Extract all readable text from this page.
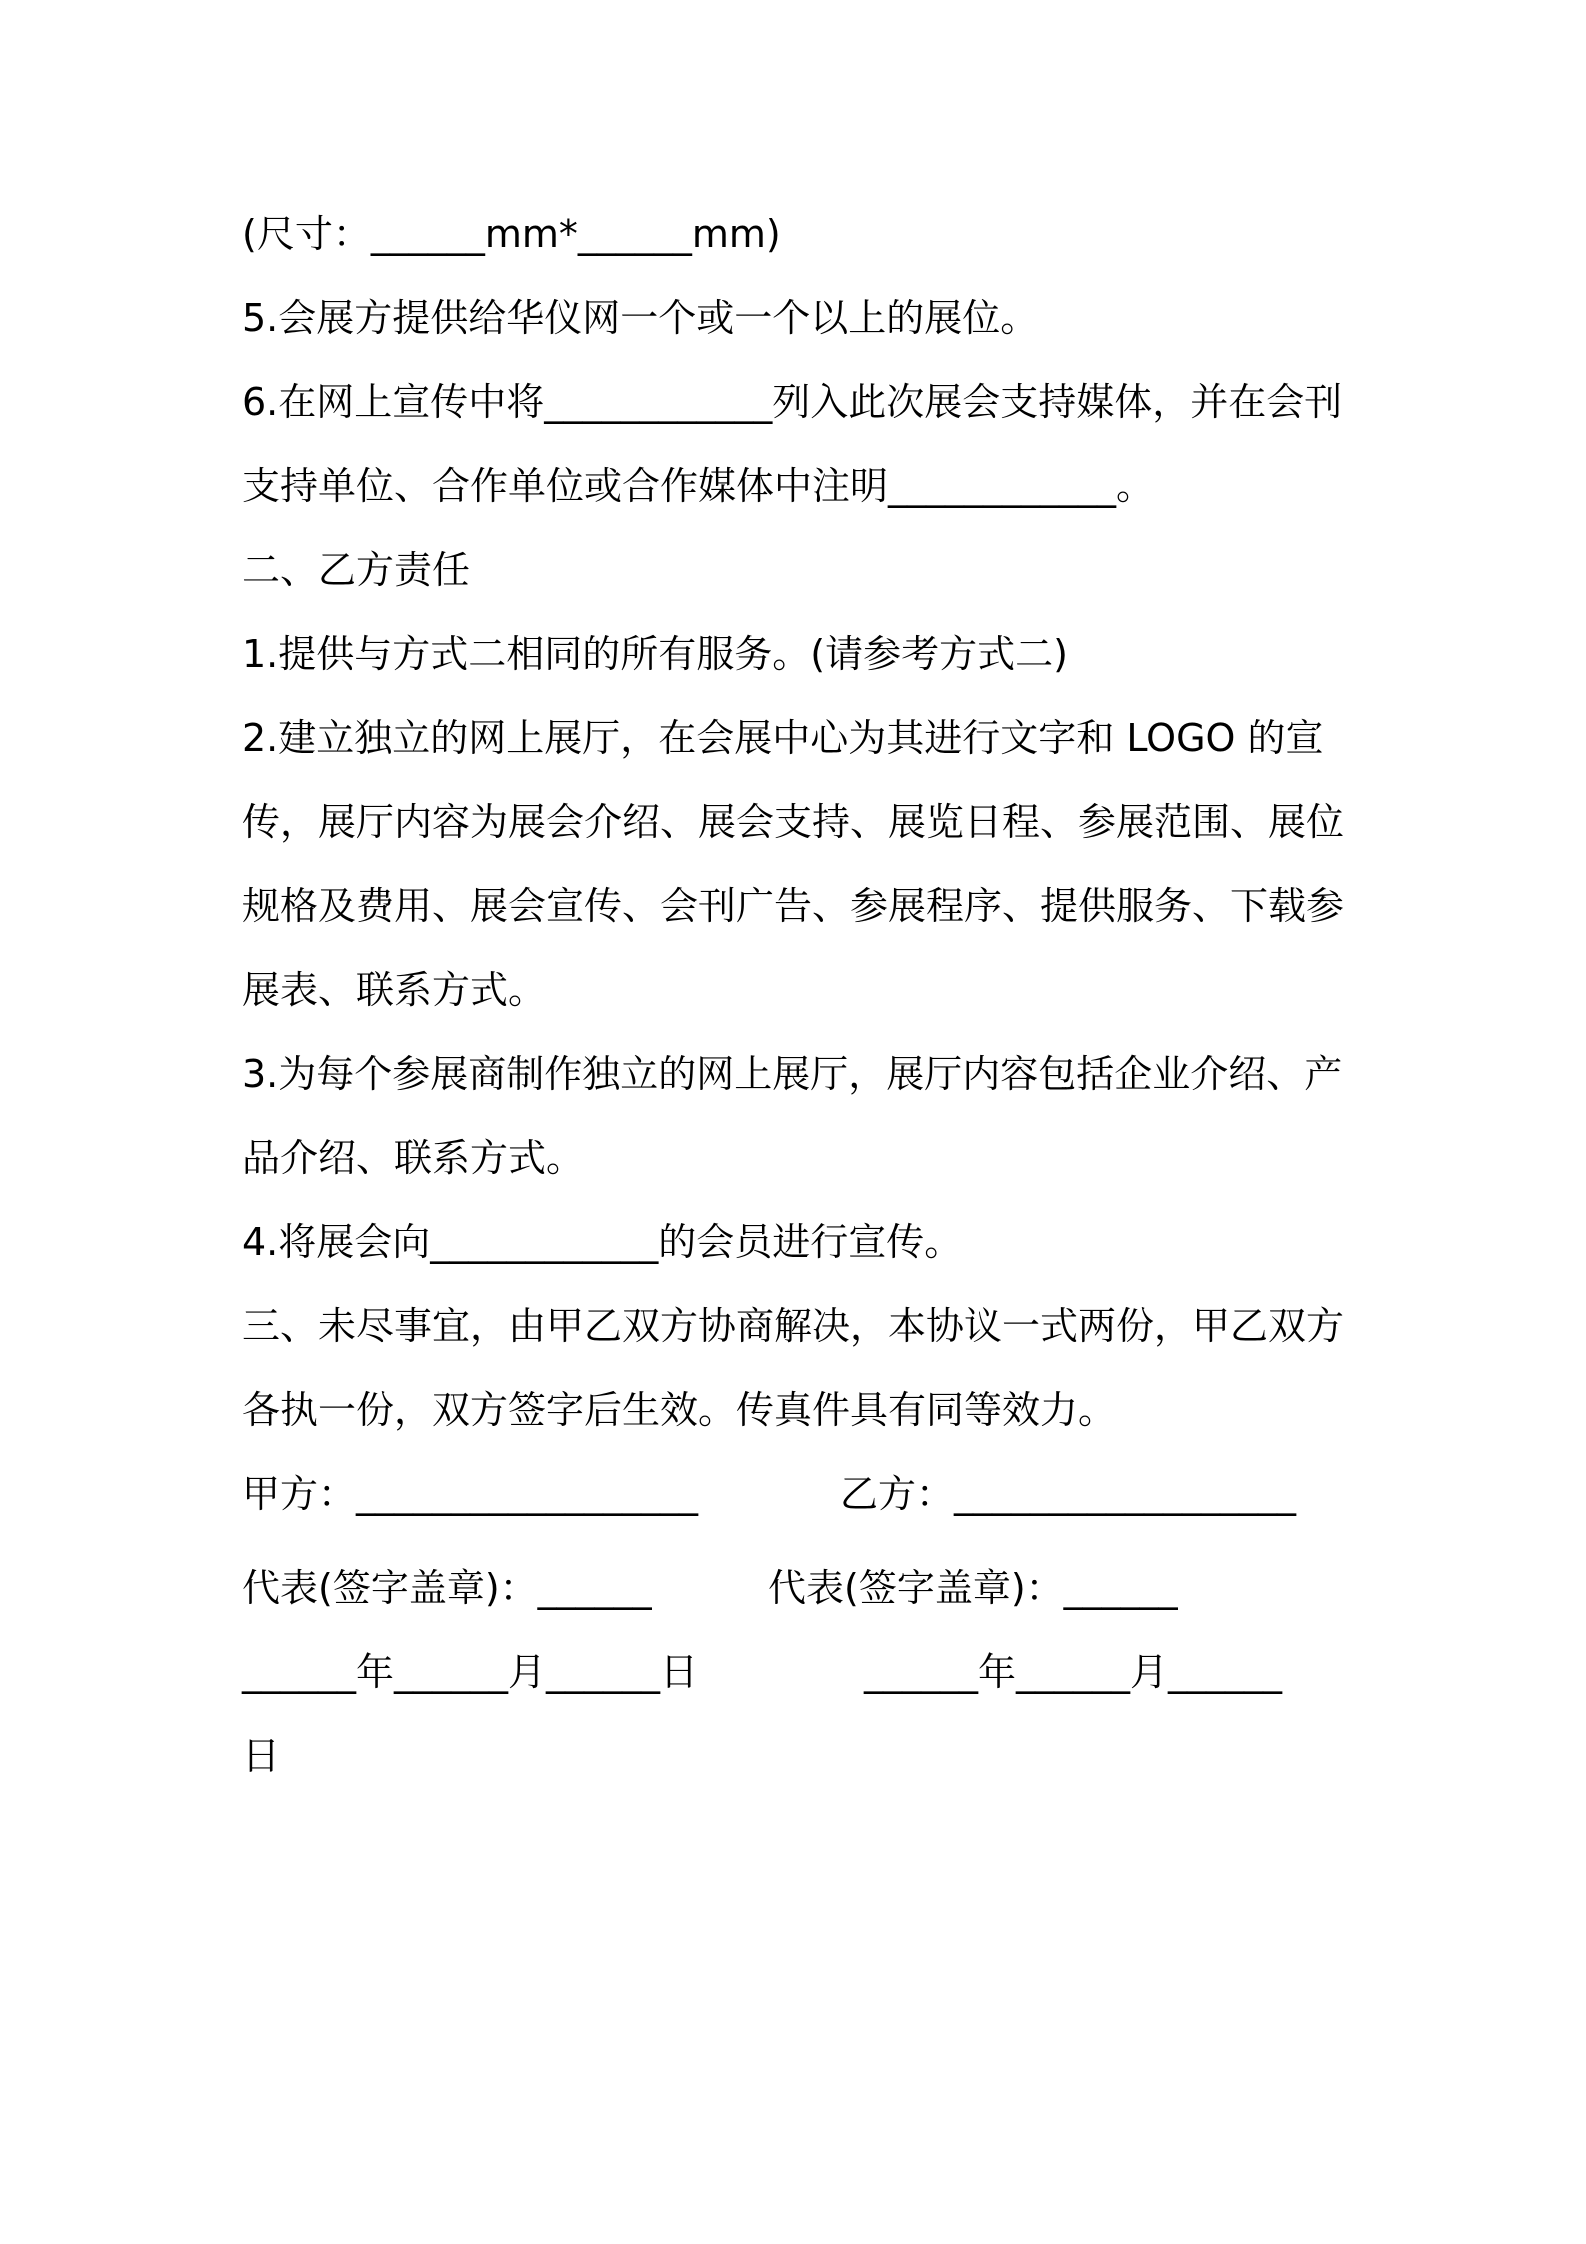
(尺寸：______mm*______mm)

5.会展方提供给华仪网一个或一个以上的展位。

6.在网上宣传中将____________列入此次展会支持媒体，并在会刊支持单位、合作单位或合作媒体中注明____________。

二、乙方责任

1.提供与方式二相同的所有服务。(请参考方式二)

2.建立独立的网上展厅，在会展中心为其进行文字和 LOGO 的宣传，展厅内容为展会介绍、展会支持、展览日程、参展范围、展位规格及费用、展会宣传、会刊广告、参展程序、提供服务、下载参展表、联系方式。

3.为每个参展商制作独立的网上展厅，展厅内容包括企业介绍、产品介绍、联系方式。

4.将展会向____________的会员进行宣传。

三、未尽事宜，由甲乙双方协商解决，本协议一式两份，甲乙双方各执一份，双方签字后生效。传真件具有同等效力。

甲方：__________________	乙方：__________________
代表(签字盖章)：______	代表(签字盖章)：______
______年______月______日	______年______月______
日
